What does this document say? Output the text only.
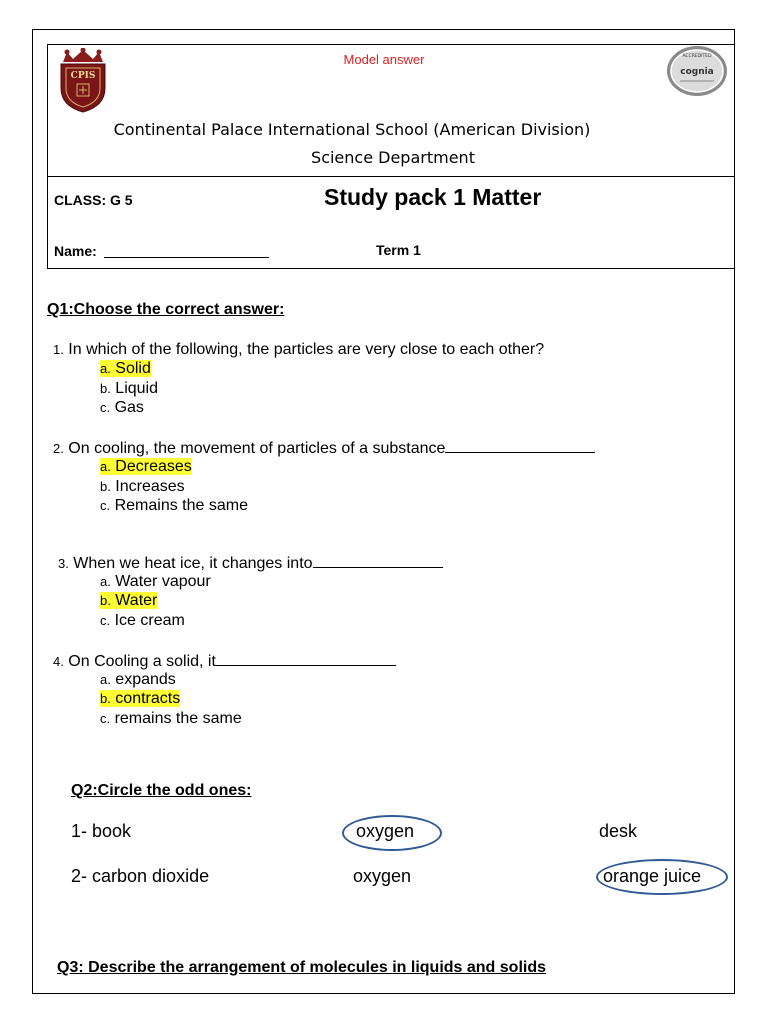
CPIS
ACCREDITED
cognia
Model answer
Continental Palace International School (American Division)
Science Department
CLASS: G 5	Study pack 1 Matter
Name:	Term 1
Q1:Choose the correct answer:
1. In which of the following, the particles are very close to each other?
a. Solid
b. Liquid
c. Gas
2. On cooling, the movement of particles of a substance
a. Decreases
b. Increases
c. Remains the same
3. When we heat ice, it changes into
a. Water vapour
b. Water
c. Ice cream
4. On Cooling a solid, it
a. expands
b. contracts
c. remains the same
Q2:Circle the odd ones:
1- book	oxygen	desk
2- carbon dioxide	oxygen	orange juice
Q3: Describe the arrangement of molecules in liquids and solids
